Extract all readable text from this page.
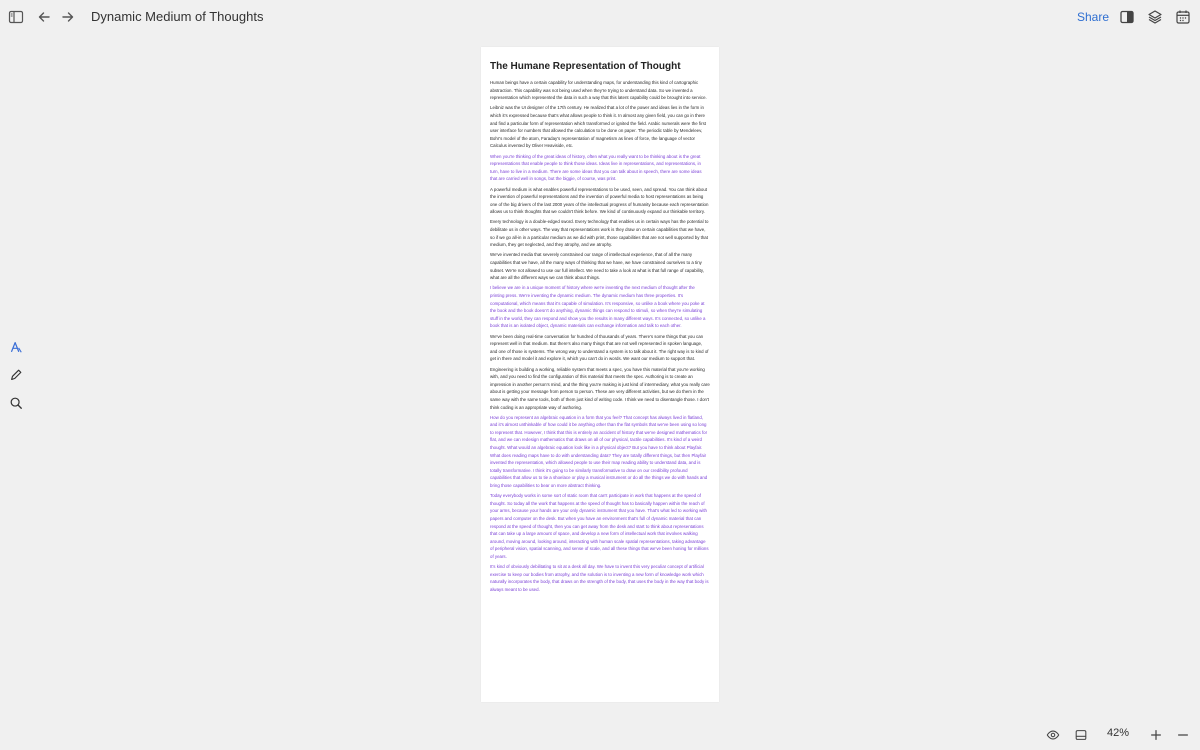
Dynamic Medium of Thoughts	Share
The Humane Representation of Thought

Human beings have a certain capability for understanding maps, for understanding this kind of cartographic abstraction. This capability was not being used when they're trying to understand data. So we invented a representation which represented the data in such a way that this latent capability could be brought into service.

Leibniz was the UI designer of the 17th century. He realized that a lot of the power and ideas lies in the form in which it's expressed because that's what allows people to think it. In almost any given field, you can go in there and find a particular form of representation which transformed or ignited the field. Arabic numerals were the first user interface for numbers that allowed the calculation to be done on paper. The periodic table by Mendeleev, Bohr's model of the atom, Faraday's representation of magnetism as lines of force, the language of vector Calculus invented by Oliver Heaviside, etc.

When you're thinking of the great ideas of history, often what you really want to be thinking about is the great representations that enable people to think those ideas. Ideas live in representations, and representations, in turn, have to live in a medium. There are some ideas that you can talk about in speech, there are some ideas that are carried well in songs, but the biggie, of course, was print.

A powerful medium is what enables powerful representations to be used, seen, and spread. You can think about the invention of powerful representations and the invention of powerful media to host representations as being one of the big drivers of the last 2000 years of the intellectual progress of humanity because each representation allows us to think thoughts that we couldn't think before. We kind of continuously expand our thinkable territory.

Every technology is a double-edged sword. Every technology that enables us in certain ways has the potential to debilitate us in other ways. The way that representations work is they draw on certain capabilities that we have, so if we go all-in in a particular medium as we did with print, those capabilities that are not well supported by that medium, they get neglected, and they atrophy, and we atrophy.

We've invented media that severely constrained our range of intellectual experience, that of all the many capabilities that we have, all the many ways of thinking that we have, we have constrained ourselves to a tiny subset. We're not allowed to use our full intellect. We need to take a look at what is that full range of capability, what are all the different ways we can think about things.

I believe we are in a unique moment of history where we're inventing the next medium of thought after the printing press. We're inventing the dynamic medium. The dynamic medium has three properties. It's computational, which means that it's capable of simulation. It's responsive, so unlike a book where you poke at the book and the book doesn't do anything, dynamic things can respond to stimuli, so when they're simulating stuff in the world, they can respond and show you the results in many different ways. It's connected, so unlike a book that is an isolated object, dynamic materials can exchange information and talk to each other.

We've been doing real-time conversation for hundred of thousands of years. There's some things that you can represent well in that medium. But there's also many things that are not well represented in spoken language, and one of those is systems. The wrong way to understand a system is to talk about it. The right way is to kind of get in there and model it and explore it, which you can't do in words. We want our medium to support that.

Engineering is building a working, reliable system that meets a spec, you have this material that you're working with, and you need to find the configuration of this material that meets the spec. Authoring is to create an impression in another person's mind, and the thing you're making is just kind of intermediary, what you really care about is getting your message from person to person. These are very different activities, but we do them in the same way with the same tools, both of them just kind of writing code. I think we need to disentangle those. I don't think coding is an appropriate way of authoring.

How do you represent an algebraic equation in a form that you feel? That concept has always lived in flatland, and it's almost unthinkable of how could it be anything other than the flat symbols that we've been using so long to represent that. However, I think that this is entirely an accident of history that we've designed mathematics for flat, and we can redesign mathematics that draws on all of our physical, tactile capabilities. It's kind of a weird thought. What would an algebraic equation look like in a physical object? But you have to think about Playfair. What does reading maps have to do with understanding data? They are totally different things, but then Playfair invented the representation, which allowed people to use their map reading ability to understand data, and is totally transformative. I think it's going to be similarly transformative to draw on our credibility profound capabilities that allow us to tie a shoelace or play a musical instrument or do all the things we do with hands and bring those capabilities to bear on more abstract thinking.

Today everybody works in some sort of static room that can't participate in work that happens at the speed of thought. So today all the work that happens at the speed of thought has to basically happen within the reach of your arms, because your hands are your only dynamic instrument that you have. That's what led to working with papers and computer on the desk. But when you have an environment that's full of dynamic material that can respond at the speed of thought, then you can get away from the desk and start to think about representations that can take up a large amount of space, and develop a new form of intellectual work that involves walking around, moving around, looking around, interacting with human scale spatial representations, taking advantage of peripheral vision, spatial scanning, and sense of scale, and all these things that we've been honing for millions of years.

It's kind of obviously debilitating to sit at a desk all day. We have to invent this very peculiar concept of artificial exercise to keep our bodies from atrophy, and the solution is to inventing a new form of knowledge work which naturally incorporates the body, that draws on the strength of the body, that uses the body in the way that body is always meant to be used.

42%
